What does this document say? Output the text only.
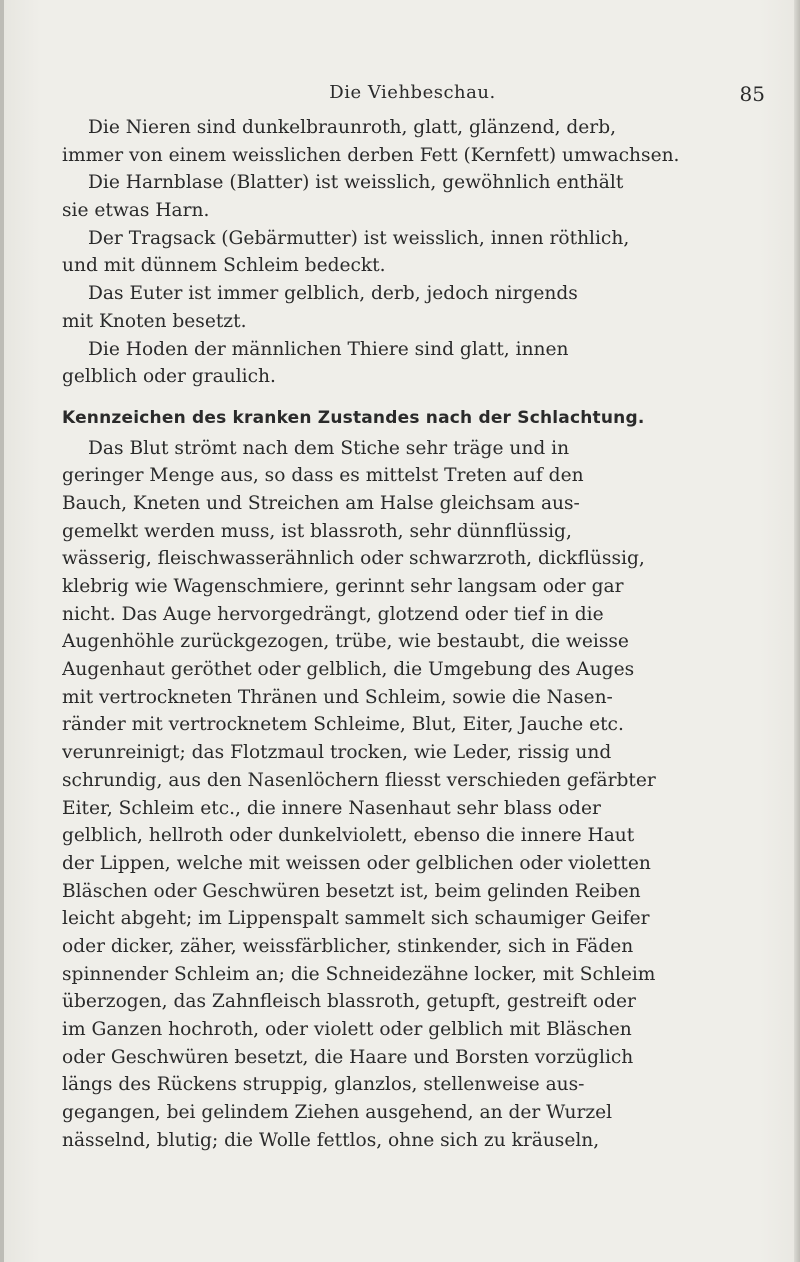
Die Viehbeschau.	85
Die Nieren sind dunkelbraunroth, glatt, glänzend, derb,
immer von einem weisslichen derben Fett (Kernfett) umwachsen.
Die Harnblase (Blatter) ist weisslich, gewöhnlich enthält
sie etwas Harn.
Der Tragsack (Gebärmutter) ist weisslich, innen röthlich,
und mit dünnem Schleim bedeckt.
Das Euter ist immer gelblich, derb, jedoch nirgends
mit Knoten besetzt.
Die Hoden der männlichen Thiere sind glatt, innen
gelblich oder graulich.
Kennzeichen des kranken Zustandes nach der Schlachtung.
Das Blut strömt nach dem Stiche sehr träge und in
geringer Menge aus, so dass es mittelst Treten auf den
Bauch, Kneten und Streichen am Halse gleichsam aus-
gemelkt werden muss, ist blassroth, sehr dünnflüssig,
wässerig, fleischwasserähnlich oder schwarzroth, dickflüssig,
klebrig wie Wagenschmiere, gerinnt sehr langsam oder gar
nicht. Das Auge hervorgedrängt, glotzend oder tief in die
Augenhöhle zurückgezogen, trübe, wie bestaubt, die weisse
Augenhaut geröthet oder gelblich, die Umgebung des Auges
mit vertrockneten Thränen und Schleim, sowie die Nasen-
ränder mit vertrocknetem Schleime, Blut, Eiter, Jauche etc.
verunreinigt; das Flotzmaul trocken, wie Leder, rissig und
schrundig, aus den Nasenlöchern fliesst verschieden gefärbter
Eiter, Schleim etc., die innere Nasenhaut sehr blass oder
gelblich, hellroth oder dunkelviolett, ebenso die innere Haut
der Lippen, welche mit weissen oder gelblichen oder violetten
Bläschen oder Geschwüren besetzt ist, beim gelinden Reiben
leicht abgeht; im Lippenspalt sammelt sich schaumiger Geifer
oder dicker, zäher, weissfärblicher, stinkender, sich in Fäden
spinnender Schleim an; die Schneidezähne locker, mit Schleim
überzogen, das Zahnfleisch blassroth, getupft, gestreift oder
im Ganzen hochroth, oder violett oder gelblich mit Bläschen
oder Geschwüren besetzt, die Haare und Borsten vorzüglich
längs des Rückens struppig, glanzlos, stellenweise aus-
gegangen, bei gelindem Ziehen ausgehend, an der Wurzel
nässelnd, blutig; die Wolle fettlos, ohne sich zu kräuseln,
